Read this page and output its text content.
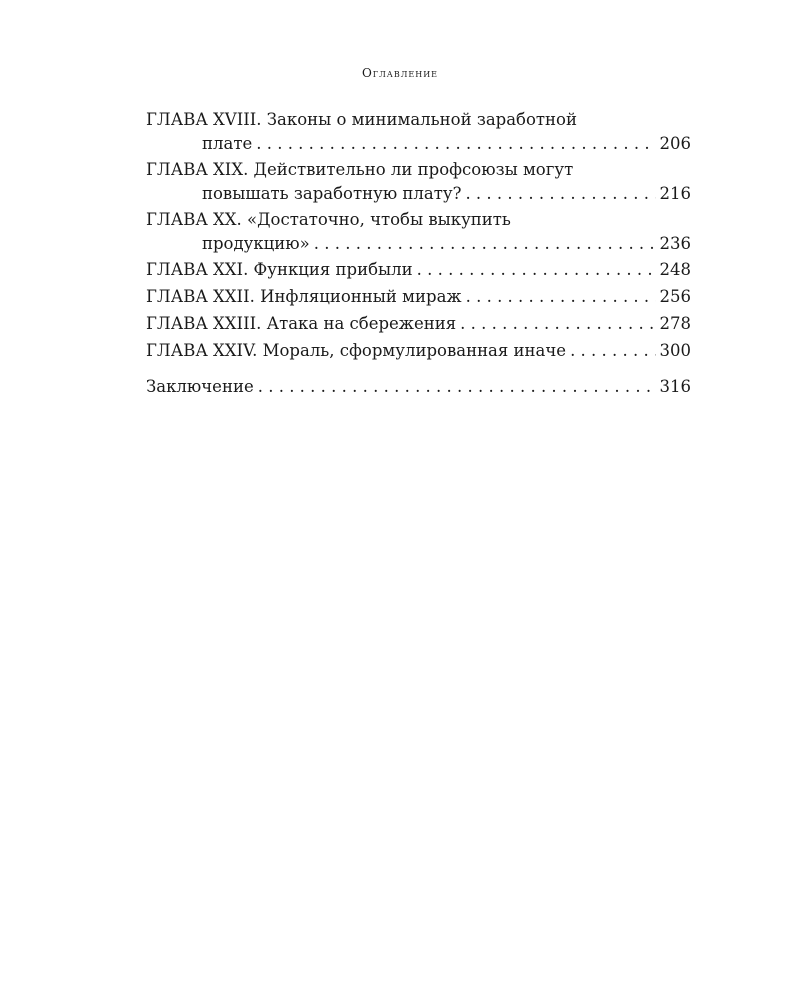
Оглавление
ГЛАВА XVIII. Законы о минимальной заработной
плате . . .	206
ГЛАВА XIX. Действительно ли профсоюзы могут
повышать заработную плату? . . .	216
ГЛАВА XX. «Достаточно, чтобы выкупить
продукцию» . . .	236
ГЛАВА XXI. Функция прибыли . . .	248
ГЛАВА XXII. Инфляционный мираж . . .	256
ГЛАВА XXIII. Атака на сбережения . . .	278
ГЛАВА XXIV. Мораль, сформулированная иначе . . .	300
Заключение . . .	316
